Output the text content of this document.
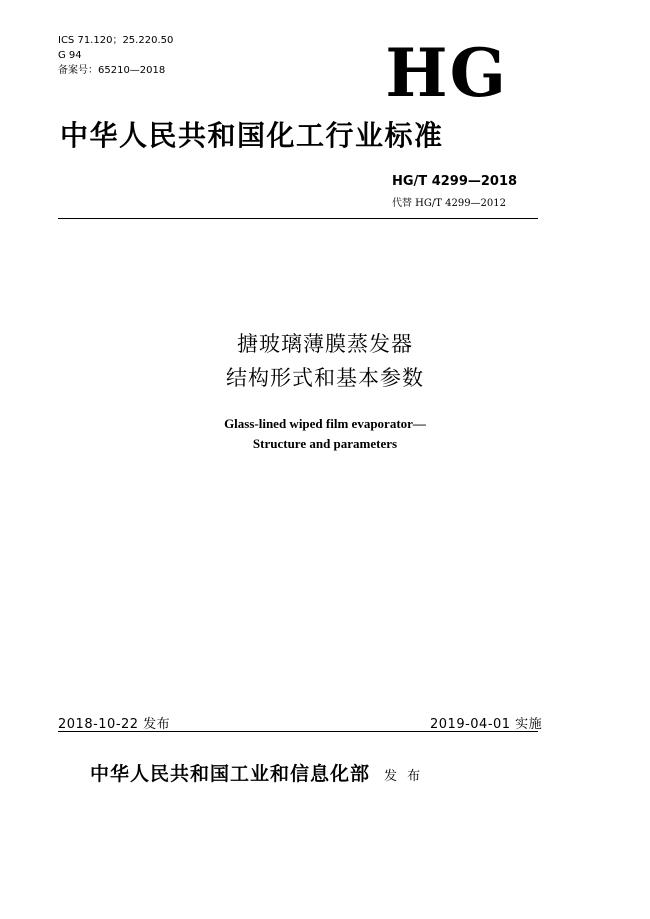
ICS 71.120；25.220.50
G 94
备案号：65210—2018	HG
中华人民共和国化工行业标准
HG/T 4299—2018
代替 HG/T 4299—2012
搪玻璃薄膜蒸发器
结构形式和基本参数
Glass-lined wiped film evaporator—
Structure and parameters
2018-10-22 发布	2019-04-01 实施
中华人民共和国工业和信息化部 发 布
